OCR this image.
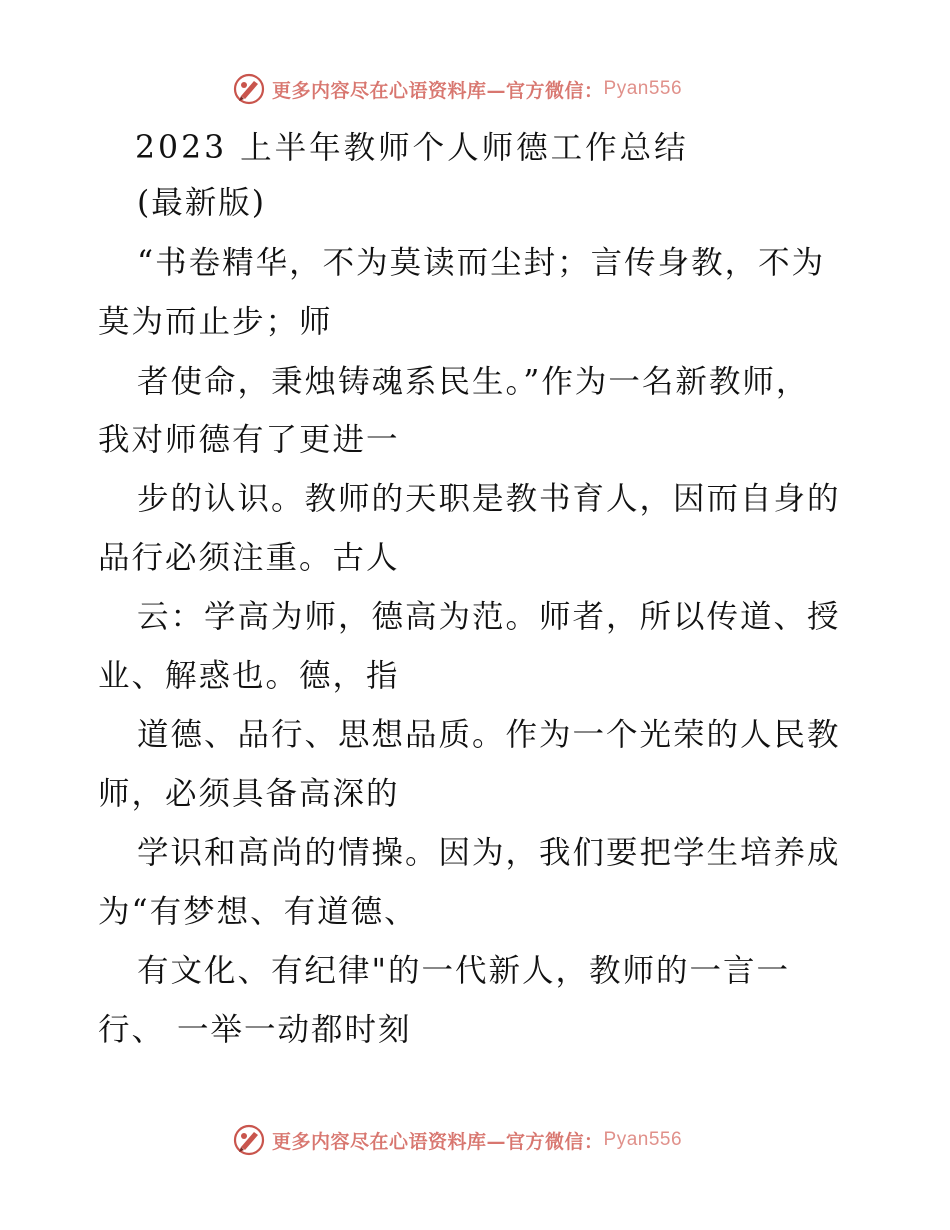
更多内容尽在心语资料库—官方微信： Pyan556
2023 上半年教师个人师德工作总结
(最新版)
“书卷精华，不为莫读而尘封；言传身教，不为
莫为而止步；师
者使命，秉烛铸魂系民生。”作为一名新教师，
我对师德有了更进一
步的认识。教师的天职是教书育人，因而自身的
品行必须注重。古人
云：学高为师，德高为范。师者，所以传道、授
业、解惑也。德，指
道德、品行、思想品质。作为一个光荣的人民教
师，必须具备高深的
学识和高尚的情操。因为，我们要把学生培养成
为“有梦想、有道德、
有文化、有纪律"的一代新人，教师的一言一
行、 一举一动都时刻
更多内容尽在心语资料库—官方微信： Pyan556
